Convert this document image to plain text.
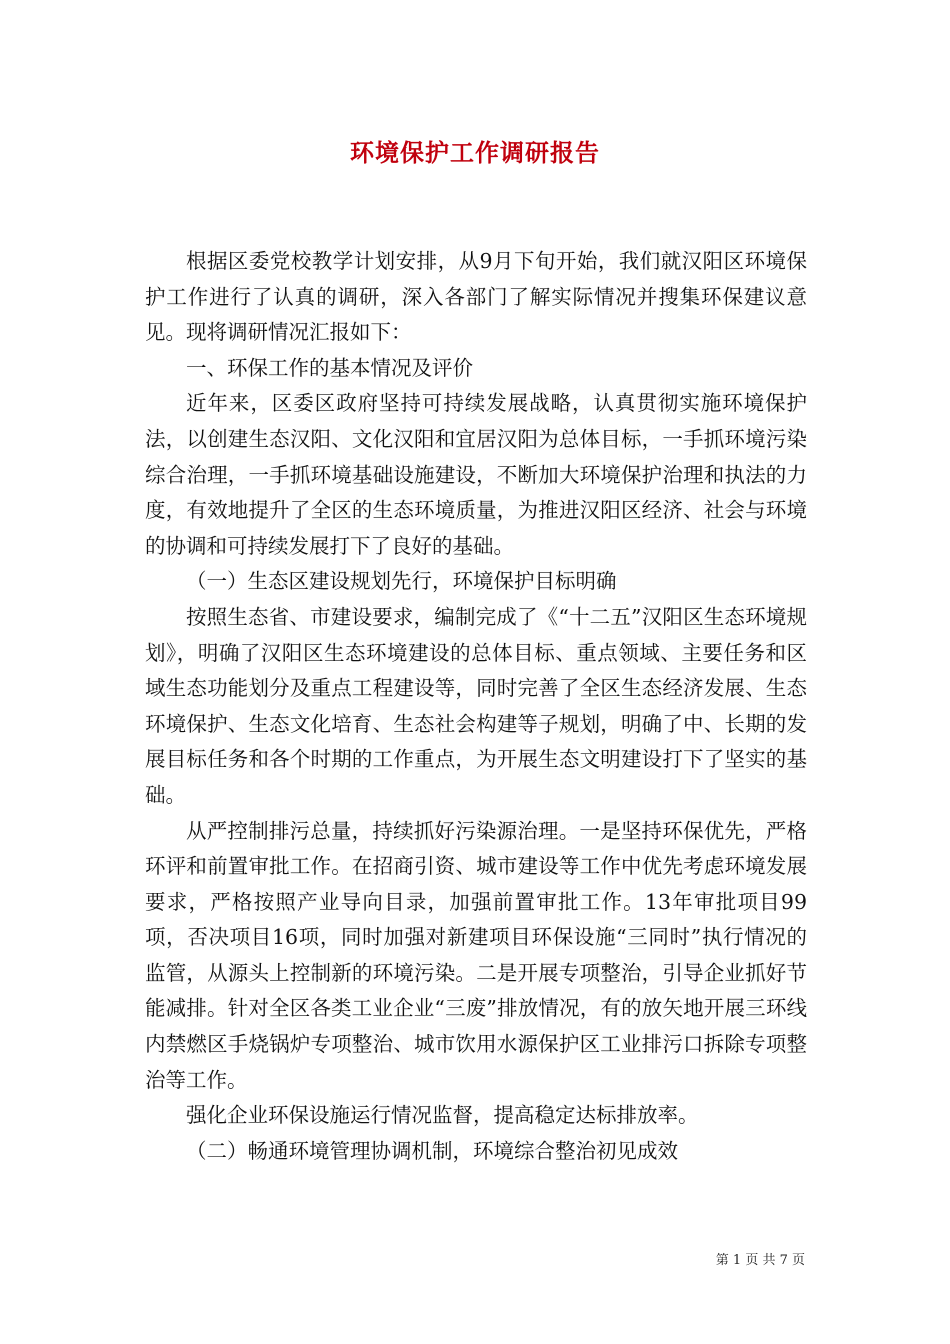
环境保护工作调研报告

根据区委党校教学计划安排，从9月下旬开始，我们就汉阳区环境保护工作进行了认真的调研，深入各部门了解实际情况并搜集环保建议意见。现将调研情况汇报如下：

一、环保工作的基本情况及评价

近年来，区委区政府坚持可持续发展战略，认真贯彻实施环境保护法，以创建生态汉阳、文化汉阳和宜居汉阳为总体目标，一手抓环境污染综合治理，一手抓环境基础设施建设，不断加大环境保护治理和执法的力度，有效地提升了全区的生态环境质量，为推进汉阳区经济、社会与环境的协调和可持续发展打下了良好的基础。

（一）生态区建设规划先行，环境保护目标明确

按照生态省、市建设要求，编制完成了《“十二五”汉阳区生态环境规划》，明确了汉阳区生态环境建设的总体目标、重点领域、主要任务和区域生态功能划分及重点工程建设等，同时完善了全区生态经济发展、生态环境保护、生态文化培育、生态社会构建等子规划，明确了中、长期的发展目标任务和各个时期的工作重点，为开展生态文明建设打下了坚实的基础。

从严控制排污总量，持续抓好污染源治理。一是坚持环保优先，严格环评和前置审批工作。在招商引资、城市建设等工作中优先考虑环境发展要求，严格按照产业导向目录，加强前置审批工作。13年审批项目99项，否决项目16项，同时加强对新建项目环保设施“三同时”执行情况的监管，从源头上控制新的环境污染。二是开展专项整治，引导企业抓好节能减排。针对全区各类工业企业“三废”排放情况，有的放矢地开展三环线内禁燃区手烧锅炉专项整治、城市饮用水源保护区工业排污口拆除专项整治等工作。

强化企业环保设施运行情况监督，提高稳定达标排放率。

（二）畅通环境管理协调机制，环境综合整治初见成效

第 1 页 共 7 页
